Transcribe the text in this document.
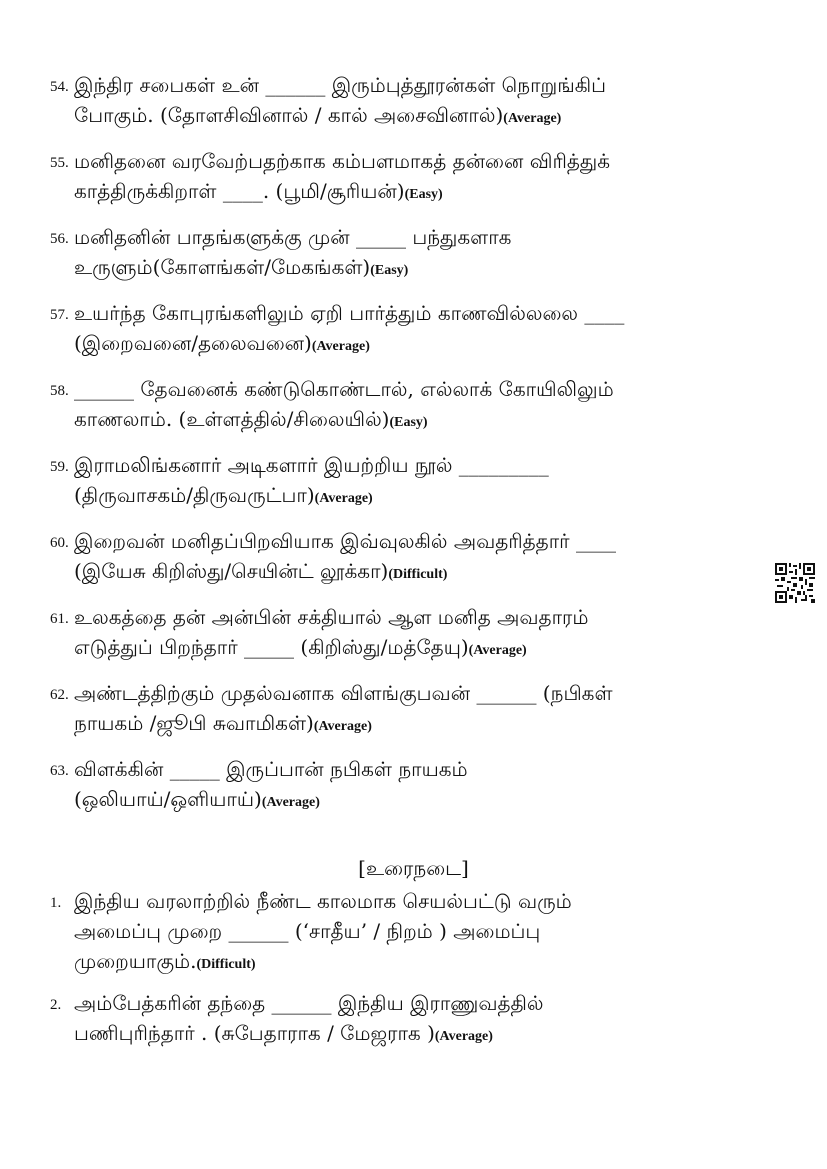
54. இந்திர சபைகள் உன் ______ இரும்புத்தூரன்கள் நொறுங்கிப்
போகும். (தோளசிவினால் / கால் அசைவினால்)(Average)
55. மனிதனை வரவேற்பதற்காக கம்பளமாகத் தன்னை விரித்துக்
காத்திருக்கிறாள் ____. (பூமி/சூரியன்)(Easy)
56. மனிதனின் பாதங்களுக்கு முன் _____ பந்துகளாக
உருளும்(கோளங்கள்/மேகங்கள்)(Easy)
57. உயர்ந்த கோபுரங்களிலும் ஏறி பார்த்தும் காணவில்லலை ____
(இறைவனை/தலைவனை)(Average)
58. ______ தேவனைக் கண்டுகொண்டால், எல்லாக் கோயிலிலும்
காணலாம். (உள்ளத்தில்/சிலையில்)(Easy)
59. இராமலிங்கனார் அடிகளார் இயற்றிய நூல் _________
(திருவாசகம்/திருவருட்பா)(Average)
60. இறைவன் மனிதப்பிறவியாக இவ்வுலகில் அவதரித்தார் ____
(இயேசு கிறிஸ்து/செயின்ட் லூக்கா)(Difficult)
61. உலகத்தை தன் அன்பின் சக்தியால் ஆள மனித அவதாரம்
எடுத்துப் பிறந்தார் _____ (கிறிஸ்து/மத்தேயு)(Average)
62. அண்டத்திற்கும் முதல்வனாக விளங்குபவன் ______ (நபிகள்
நாயகம் /ஜூபி சுவாமிகள்)(Average)
63. விளக்கின் _____ இருப்பான் நபிகள் நாயகம்
(ஒலியாய்/ஒளியாய்)(Average)
[உரைநடை]
1. இந்திய வரலாற்றில் நீண்ட காலமாக செயல்பட்டு வரும்
அமைப்பு முறை ______ (‘சாதீய’ / நிறம் ) அமைப்பு
முறையாகும்.(Difficult)
2. அம்பேத்கரின் தந்தை ______ இந்திய இராணுவத்தில்
பணிபுரிந்தார் . (சுபேதாராக / மேஜராக )(Average)
